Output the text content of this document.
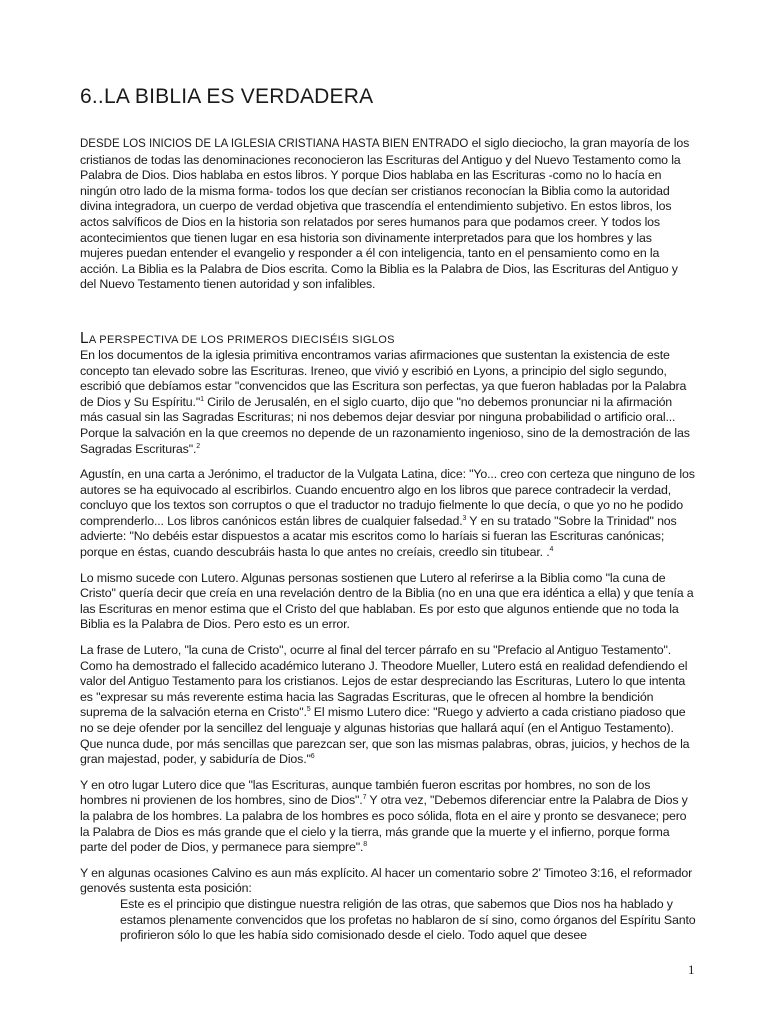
6..LA BIBLIA ES VERDADERA

DESDE LOS INICIOS DE LA IGLESIA CRISTIANA HASTA BIEN ENTRADO el siglo dieciocho, la gran mayoría de los cristianos de todas las denominaciones reconocieron las Escrituras del Antiguo y del Nuevo Testamento como la Palabra de Dios. Dios hablaba en estos libros. Y porque Dios hablaba en las Escrituras -como no lo hacía en ningún otro lado de la misma forma- todos los que decían ser cristianos reconocían la Biblia como la autoridad divina integradora, un cuerpo de verdad objetiva que trascendía el entendimiento subjetivo. En estos libros, los actos salvíficos de Dios en la historia son relatados por seres humanos para que podamos creer. Y todos los acontecimientos que tienen lugar en esa historia son divinamente interpretados para que los hombres y las mujeres puedan entender el evangelio y responder a él con inteligencia, tanto en el pensamiento como en la acción. La Biblia es la Palabra de Dios escrita. Como la Biblia es la Palabra de Dios, las Escrituras del Antiguo y del Nuevo Testamento tienen autoridad y son infalibles.

LA PERSPECTIVA DE LOS PRIMEROS DIECISÉIS SIGLOS

En los documentos de la iglesia primitiva encontramos varias afirmaciones que sustentan la existencia de este concepto tan elevado sobre las Escrituras. Ireneo, que vivió y escribió en Lyons, a principio del siglo segundo, escribió que debíamos estar "convencidos que las Escritura son perfectas, ya que fueron habladas por la Palabra de Dios y Su Espíritu."$^1$ Cirilo de Jerusalén, en el siglo cuarto, dijo que "no debemos pronunciar ni la afirmación más casual sin las Sagradas Escrituras; ni nos debemos dejar desviar por ninguna probabilidad o artificio oral... Porque la salvación en la que creemos no depende de un razonamiento ingenioso, sino de la demostración de las Sagradas Escrituras".$^2$

Agustín, en una carta a Jerónimo, el traductor de la Vulgata Latina, dice: "Yo... creo con certeza que ninguno de los autores se ha equivocado al escribirlos. Cuando encuentro algo en los libros que parece contradecir la verdad, concluyo que los textos son corruptos o que el traductor no tradujo fielmente lo que decía, o que yo no he podido comprenderlo... Los libros canónicos están libres de cualquier falsedad.$^3$ Y en su tratado "Sobre la Trinidad" nos advierte: "No debéis estar dispuestos a acatar mis escritos como lo haríais si fueran las Escrituras canónicas; porque en éstas, cuando descubráis hasta lo que antes no creíais, creedlo sin titubear. .$^4$

Lo mismo sucede con Lutero. Algunas personas sostienen que Lutero al referirse a la Biblia como "la cuna de Cristo" quería decir que creía en una revelación dentro de la Biblia (no en una que era idéntica a ella) y que tenía a las Escrituras en menor estima que el Cristo del que hablaban. Es por esto que algunos entiende que no toda la Biblia es la Palabra de Dios. Pero esto es un error.

La frase de Lutero, "la cuna de Cristo", ocurre al final del tercer párrafo en su "Prefacio al Antiguo Testamento". Como ha demostrado el fallecido académico luterano J. Theodore Mueller, Lutero está en realidad defendiendo el valor del Antiguo Testamento para los cristianos. Lejos de estar despreciando las Escrituras, Lutero lo que intenta es "expresar su más reverente estima hacia las Sagradas Escrituras, que le ofrecen al hombre la bendición suprema de la salvación eterna en Cristo".$^5$ El mismo Lutero dice: "Ruego y advierto a cada cristiano piadoso que no se deje ofender por la sencillez del lenguaje y algunas historias que hallará aquí (en el Antiguo Testamento). Que nunca dude, por más sencillas que parezcan ser, que son las mismas palabras, obras, juicios, y hechos de la gran majestad, poder, y sabiduría de Dios."$^6$

Y en otro lugar Lutero dice que "las Escrituras, aunque también fueron escritas por hombres, no son de los hombres ni provienen de los hombres, sino de Dios".$^7$ Y otra vez, "Debemos diferenciar entre la Palabra de Dios y la palabra de los hombres. La palabra de los hombres es poco sólida, flota en el aire y pronto se desvanece; pero la Palabra de Dios es más grande que el cielo y la tierra, más grande que la muerte y el infierno, porque forma parte del poder de Dios, y permanece para siempre".$^8$

Y en algunas ocasiones Calvino es aun más explícito. Al hacer un comentario sobre 2' Timoteo 3:16, el reformador genovés sustenta esta posición:

Este es el principio que distingue nuestra religión de las otras, que sabemos que Dios nos ha hablado y estamos plenamente convencidos que los profetas no hablaron de sí sino, como órganos del Espíritu Santo profirieron sólo lo que les había sido comisionado desde el cielo. Todo aquel que desee

1
